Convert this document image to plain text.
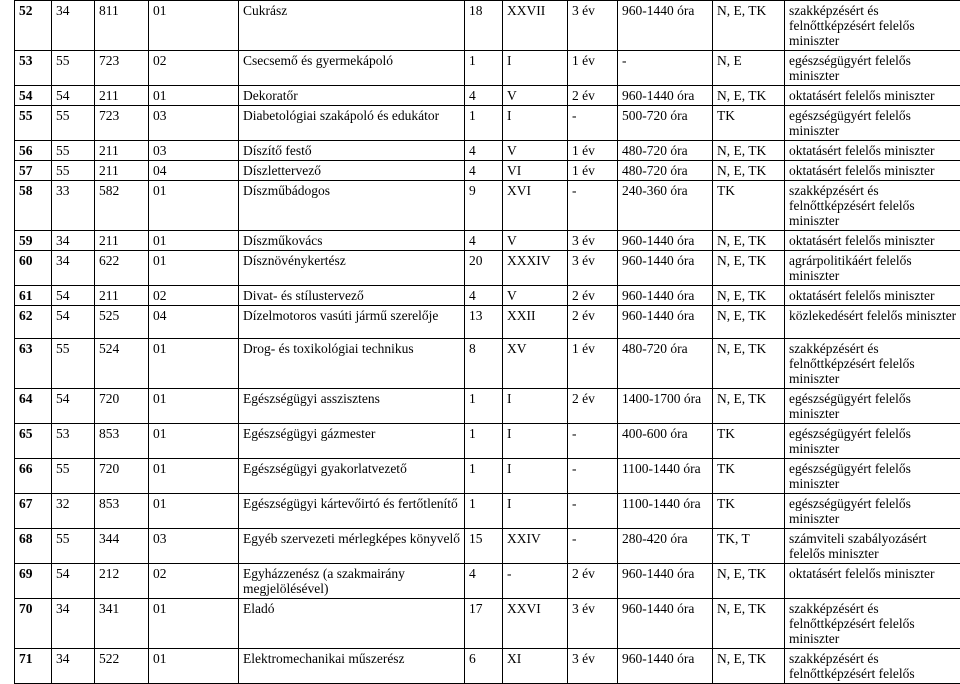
52	34	811	01	Cukrász	18	XXVII	3 év	960-1440 óra	N, E, TK	szakképzésért és felnőttképzésért felelős miniszter
53	55	723	02	Csecsemő és gyermekápoló	1	I	1 év	-	N, E	egészségügyért felelős miniszter
54	54	211	01	Dekoratőr	4	V	2 év	960-1440 óra	N, E, TK	oktatásért felelős miniszter
55	55	723	03	Diabetológiai szakápoló és edukátor	1	I	-	500-720 óra	TK	egészségügyért felelős miniszter
56	55	211	03	Díszítő festő	4	V	1 év	480-720 óra	N, E, TK	oktatásért felelős miniszter
57	55	211	04	Díszlettervező	4	VI	1 év	480-720 óra	N, E, TK	oktatásért felelős miniszter
58	33	582	01	Díszműbádogos	9	XVI	-	240-360 óra	TK	szakképzésért és felnőttképzésért felelős miniszter
59	34	211	01	Díszműkovács	4	V	3 év	960-1440 óra	N, E, TK	oktatásért felelős miniszter
60	34	622	01	Dísznövénykertész	20	XXXIV	3 év	960-1440 óra	N, E, TK	agrárpolitikáért felelős miniszter
61	54	211	02	Divat- és stílustervező	4	V	2 év	960-1440 óra	N, E, TK	oktatásért felelős miniszter
62	54	525	04	Dízelmotoros vasúti jármű szerelője	13	XXII	2 év	960-1440 óra	N, E, TK	közlekedésért felelős miniszter
63	55	524	01	Drog- és toxikológiai technikus	8	XV	1 év	480-720 óra	N, E, TK	szakképzésért és felnőttképzésért felelős miniszter
64	54	720	01	Egészségügyi asszisztens	1	I	2 év	1400-1700 óra	N, E, TK	egészségügyért felelős miniszter
65	53	853	01	Egészségügyi gázmester	1	I	-	400-600 óra	TK	egészségügyért felelős miniszter
66	55	720	01	Egészségügyi gyakorlatvezető	1	I	-	1100-1440 óra	TK	egészségügyért felelős miniszter
67	32	853	01	Egészségügyi kártevőirtó és fertőtlenítő	1	I	-	1100-1440 óra	TK	egészségügyért felelős miniszter
68	55	344	03	Egyéb szervezeti mérlegképes könyvelő	15	XXIV	-	280-420 óra	TK, T	számviteli szabályozásért felelős miniszter
69	54	212	02	Egyházzenész (a szakmairány megjelölésével)	4	-	2 év	960-1440 óra	N, E, TK	oktatásért felelős miniszter
70	34	341	01	Eladó	17	XXVI	3 év	960-1440 óra	N, E, TK	szakképzésért és felnőttképzésért felelős miniszter
71	34	522	01	Elektromechanikai műszerész	6	XI	3 év	960-1440 óra	N, E, TK	szakképzésért és felnőttképzésért felelős
